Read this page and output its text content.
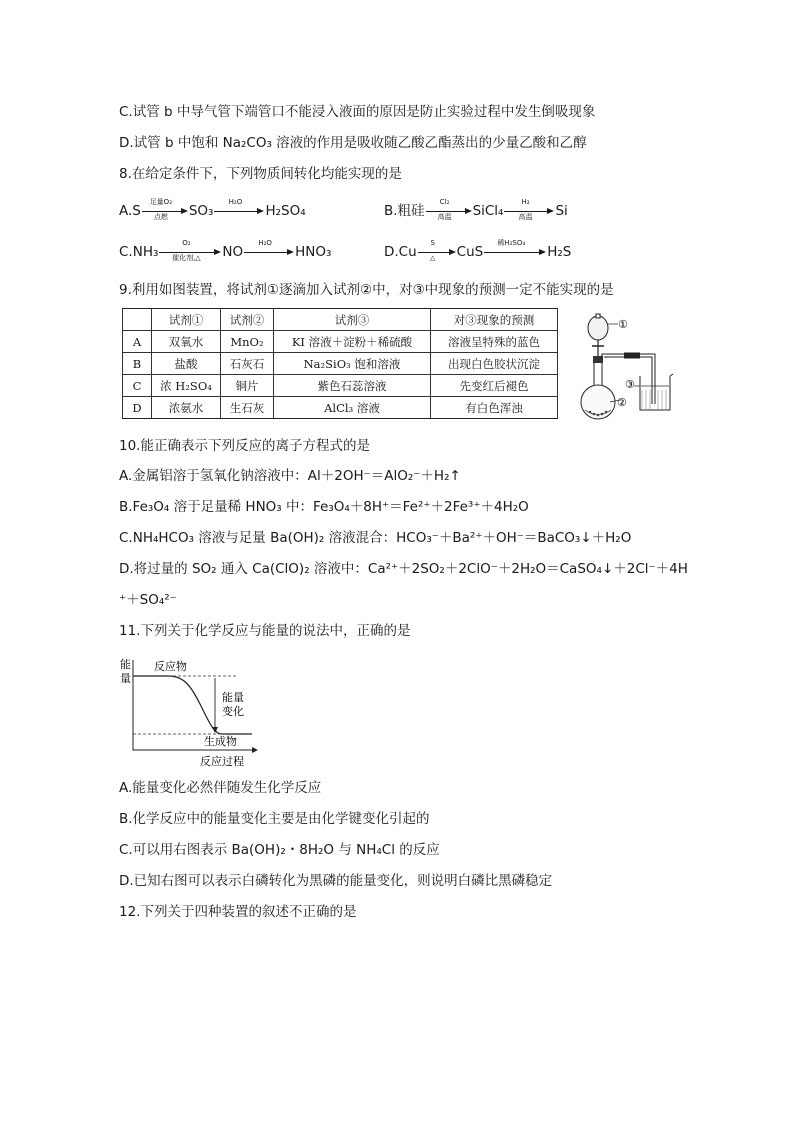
C.试管 b 中导气管下端管口不能浸入液面的原因是防止实验过程中发生倒吸现象
D.试管 b 中饱和 Na₂CO₃ 溶液的作用是吸收随乙酸乙酯蒸出的少量乙酸和乙醇
8.在给定条件下，下列物质间转化均能实现的是
A.S
足量O₂
点燃	SO₃
H₂O
H₂SO₄	B.粗硅
Cl₂
高温	SiCl₄
H₂
高温	Si
C.NH₃
O₂
催化剂,△	NO
H₂O
HNO₃	D.Cu
S
△	CuS
稀H₂SO₄
H₂S
9.利用如图装置，将试剂①逐滴加入试剂②中，对③中现象的预测一定不能实现的是
	试剂①	试剂②	试剂③	对③现象的预测
A	双氧水	MnO₂	KI 溶液＋淀粉＋稀硫酸	溶液呈特殊的蓝色
B	盐酸	石灰石	Na₂SiO₃ 饱和溶液	出现白色胶状沉淀
C	浓 H₂SO₄	铜片	紫色石蕊溶液	先变红后褪色
D	浓氨水	生石灰	AlCl₃ 溶液	有白色浑浊
①
②
③
10.能正确表示下列反应的离子方程式的是
A.金属铝溶于氢氧化钠溶液中：Al＋2OH⁻＝AlO₂⁻＋H₂↑
B.Fe₃O₄ 溶于足量稀 HNO₃ 中：Fe₃O₄＋8H⁺＝Fe²⁺＋2Fe³⁺＋4H₂O
C.NH₄HCO₃ 溶液与足量 Ba(OH)₂ 溶液混合：HCO₃⁻＋Ba²⁺＋OH⁻＝BaCO₃↓＋H₂O
D.将过量的 SO₂ 通入 Ca(ClO)₂ 溶液中：Ca²⁺＋2SO₂＋2ClO⁻＋2H₂O＝CaSO₄↓＋2Cl⁻＋4H
⁺＋SO₄²⁻
11.下列关于化学反应与能量的说法中，正确的是
能
量
反应物
能量
变化
生成物
反应过程
A.能量变化必然伴随发生化学反应
B.化学反应中的能量变化主要是由化学键变化引起的
C.可以用右图表示 Ba(OH)₂・8H₂O 与 NH₄Cl 的反应
D.已知右图可以表示白磷转化为黑磷的能量变化，则说明白磷比黑磷稳定
12.下列关于四种装置的叙述不正确的是
